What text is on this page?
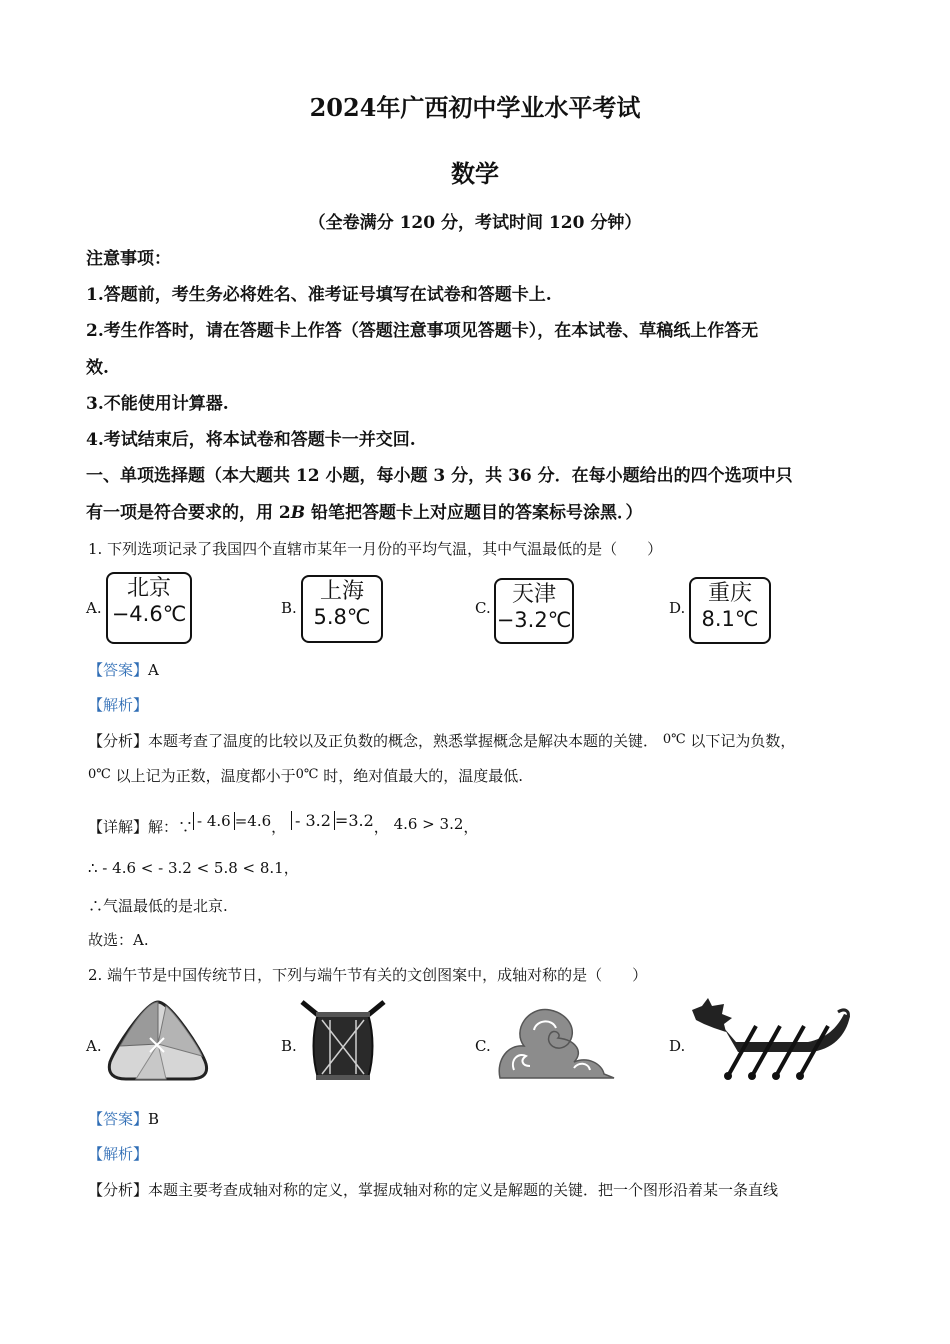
2024年广西初中学业水平考试
数学
（全卷满分 120 分，考试时间 120 分钟）
注意事项：
1.答题前，考生务必将姓名、准考证号填写在试卷和答题卡上.
2.考生作答时，请在答题卡上作答（答题注意事项见答题卡），在本试卷、草稿纸上作答无
效.
3.不能使用计算器.
4.考试结束后，将本试卷和答题卡一并交回.
一、单项选择题（本大题共 12 小题，每小题 3 分，共 36 分．在每小题给出的四个选项中只
有一项是符合要求的，用 2B 铅笔把答题卡上对应题目的答案标号涂黑．）
1. 下列选项记录了我国四个直辖市某年一月份的平均气温，其中气温最低的是（　　）
A.
北京
−4.6℃	B.
上海
5.8℃	C.
天津
−3.2℃	D.
重庆
8.1℃
【答案】A
【解析】
【分析】本题考查了温度的比较以及正负数的概念，熟悉掌握概念是解决本题的关键． 0℃ 以下记为负数，
0℃ 以上记为正数，温度都小于0℃ 时，绝对值最大的，温度最低.
【详解】解：∵ - 4.6 =4.6， - 3.2 =3.2， 4.6 > 3.2，
∴ - 4.6 < - 3.2 < 5.8 < 8.1，
∴气温最低的是北京.
故选：A.
2. 端午节是中国传统节日，下列与端午节有关的文创图案中，成轴对称的是（　　）
A.	B.	C.	D.
【答案】B
【解析】
【分析】本题主要考查成轴对称的定义，掌握成轴对称的定义是解题的关键．把一个图形沿着某一条直线
